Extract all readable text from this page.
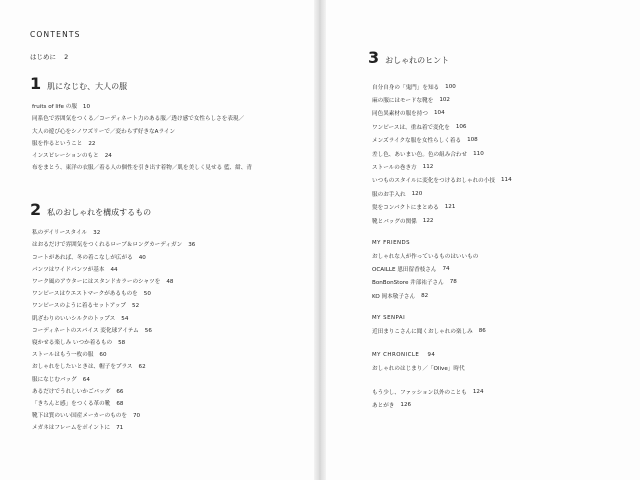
CONTENTS
はじめに 2
1 肌になじむ、大人の服
fruits of life の服 10
同系色で雰囲気をつくる／コーディネート力のある服／透け感で女性らしさを表現／
大人の遊び心をシノワズリーで／変わらず好きなAライン
服を作るということ 22
インスピレーションのもと 24
布をまとう、東洋の衣服／着る人の個性を引き出す着物／肌を美しく見せる 藍、紺、青
2 私のおしゃれを構成するもの
私のデイリースタイル 32
はおるだけで雰囲気をつくれるローブ＆ロングカーディガン 36
コートがあれば、冬の着こなしが広がる 40
パンツはワイドパンツが基本 44
ワーク風のアウターにはスタンドカラーのシャツを 48
ワンピースはウエストマークがあるものを 50
ワンピースのように着るセットアップ 52
肌ざわりのいいシルクのトップス 54
コーディネートのスパイス 変化球アイテム 56
寝かせる楽しみ いつか着るもの 58
ストールはもう一枚の服 60
おしゃれをしたいときは、帽子をプラス 62
服になじむバッグ 64
あるだけでうれしいかごバッグ 66
「きちんと感」をつくる革の靴 68
靴下は質のいい国産メーカーのものを 70
メガネはフレームをポイントに 71
3 おしゃれのヒント
自分自身の「鬼門」を知る 100
麻の服にはモードな靴を 102
同色異素材の服を持つ 104
ワンピースは、重ね着で変化を 106
メンズライクな服を女性らしく着る 108
差し色、あいまい色。色の組み合わせ 110
ストールの巻き方 112
いつものスタイルに変化をつけるおしゃれの小技 114
服のお手入れ 120
髪をコンパクトにまとめる 121
靴とバッグの関係 122
MY FRIENDS
おしゃれな人が作っているものはいいもの
OCAILLE 恩田留香枝さん 74
BonBonStore 井部祐子さん 78
KO 岡本敬子さん 82
MY SENPAI
近田まりこさんに聞くおしゃれの楽しみ 86
MY CHRONICLE 94
おしゃれのはじまり／「Olive」時代
もう少し、ファッション以外のことも 124
あとがき 126
